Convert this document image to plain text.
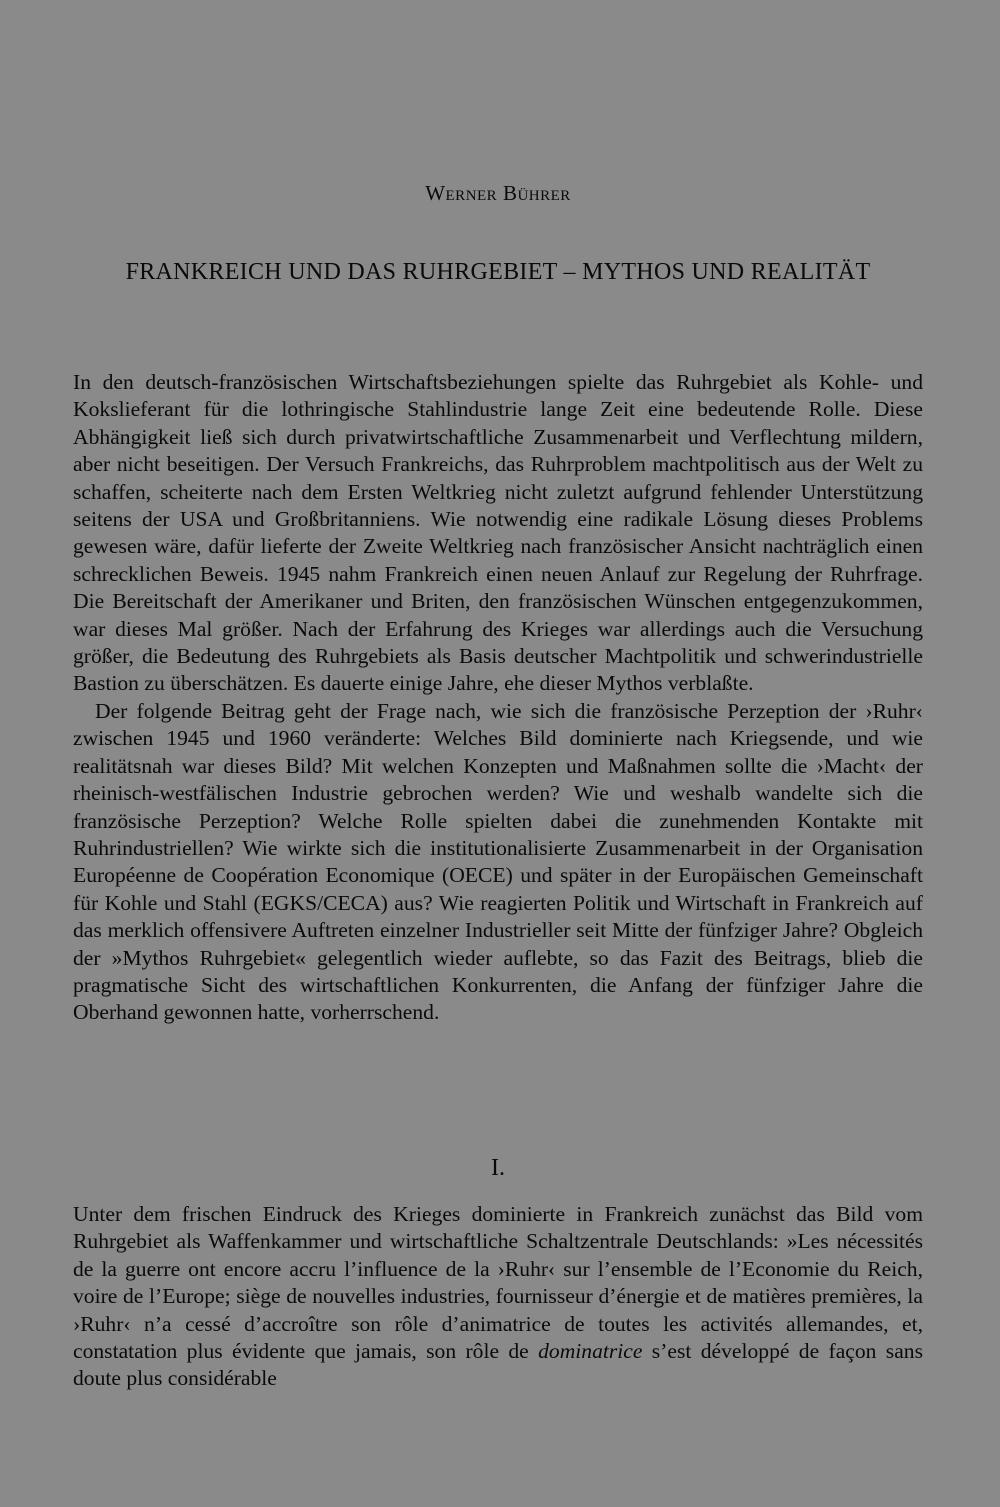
Werner Bührer
FRANKREICH UND DAS RUHRGEBIET – MYTHOS UND REALITÄT

In den deutsch-französischen Wirtschaftsbeziehungen spielte das Ruhrgebiet als Kohle- und Kokslieferant für die lothringische Stahlindustrie lange Zeit eine bedeutende Rolle. Diese Abhängigkeit ließ sich durch privatwirtschaftliche Zusammenarbeit und Verflechtung mildern, aber nicht beseitigen. Der Versuch Frankreichs, das Ruhrproblem machtpolitisch aus der Welt zu schaffen, scheiterte nach dem Ersten Weltkrieg nicht zuletzt aufgrund fehlender Unterstützung seitens der USA und Großbritanniens. Wie notwendig eine radikale Lösung dieses Problems gewesen wäre, dafür lieferte der Zweite Weltkrieg nach französischer Ansicht nachträglich einen schrecklichen Beweis. 1945 nahm Frankreich einen neuen Anlauf zur Regelung der Ruhrfrage. Die Bereitschaft der Amerikaner und Briten, den französischen Wünschen entgegenzukommen, war dieses Mal größer. Nach der Erfahrung des Krieges war allerdings auch die Versuchung größer, die Bedeutung des Ruhrgebiets als Basis deutscher Machtpolitik und schwerindustrielle Bastion zu überschätzen. Es dauerte einige Jahre, ehe dieser Mythos verblaßte.

Der folgende Beitrag geht der Frage nach, wie sich die französische Perzeption der ›Ruhr‹ zwischen 1945 und 1960 veränderte: Welches Bild dominierte nach Kriegsende, und wie realitätsnah war dieses Bild? Mit welchen Konzepten und Maßnahmen sollte die ›Macht‹ der rheinisch-westfälischen Industrie gebrochen werden? Wie und weshalb wandelte sich die französische Perzeption? Welche Rolle spielten dabei die zunehmenden Kontakte mit Ruhrindustriellen? Wie wirkte sich die institutionalisierte Zusammenarbeit in der Organisation Européenne de Coopération Economique (OECE) und später in der Europäischen Gemeinschaft für Kohle und Stahl (EGKS/CECA) aus? Wie reagierten Politik und Wirtschaft in Frankreich auf das merklich offensivere Auftreten einzelner Industrieller seit Mitte der fünfziger Jahre? Obgleich der »Mythos Ruhrgebiet« gelegentlich wieder auflebte, so das Fazit des Beitrags, blieb die pragmatische Sicht des wirtschaftlichen Konkurrenten, die Anfang der fünfziger Jahre die Oberhand gewonnen hatte, vorherrschend.

I.

Unter dem frischen Eindruck des Krieges dominierte in Frankreich zunächst das Bild vom Ruhrgebiet als Waffenkammer und wirtschaftliche Schaltzentrale Deutschlands: »Les nécessités de la guerre ont encore accru l’influence de la ›Ruhr‹ sur l’ensemble de l’Economie du Reich, voire de l’Europe; siège de nouvelles industries, fournisseur d’énergie et de matières premières, la ›Ruhr‹ n’a cessé d’accroître son rôle d’animatrice de toutes les activités allemandes, et, constatation plus évidente que jamais, son rôle de dominatrice s’est développé de façon sans doute plus considérable
